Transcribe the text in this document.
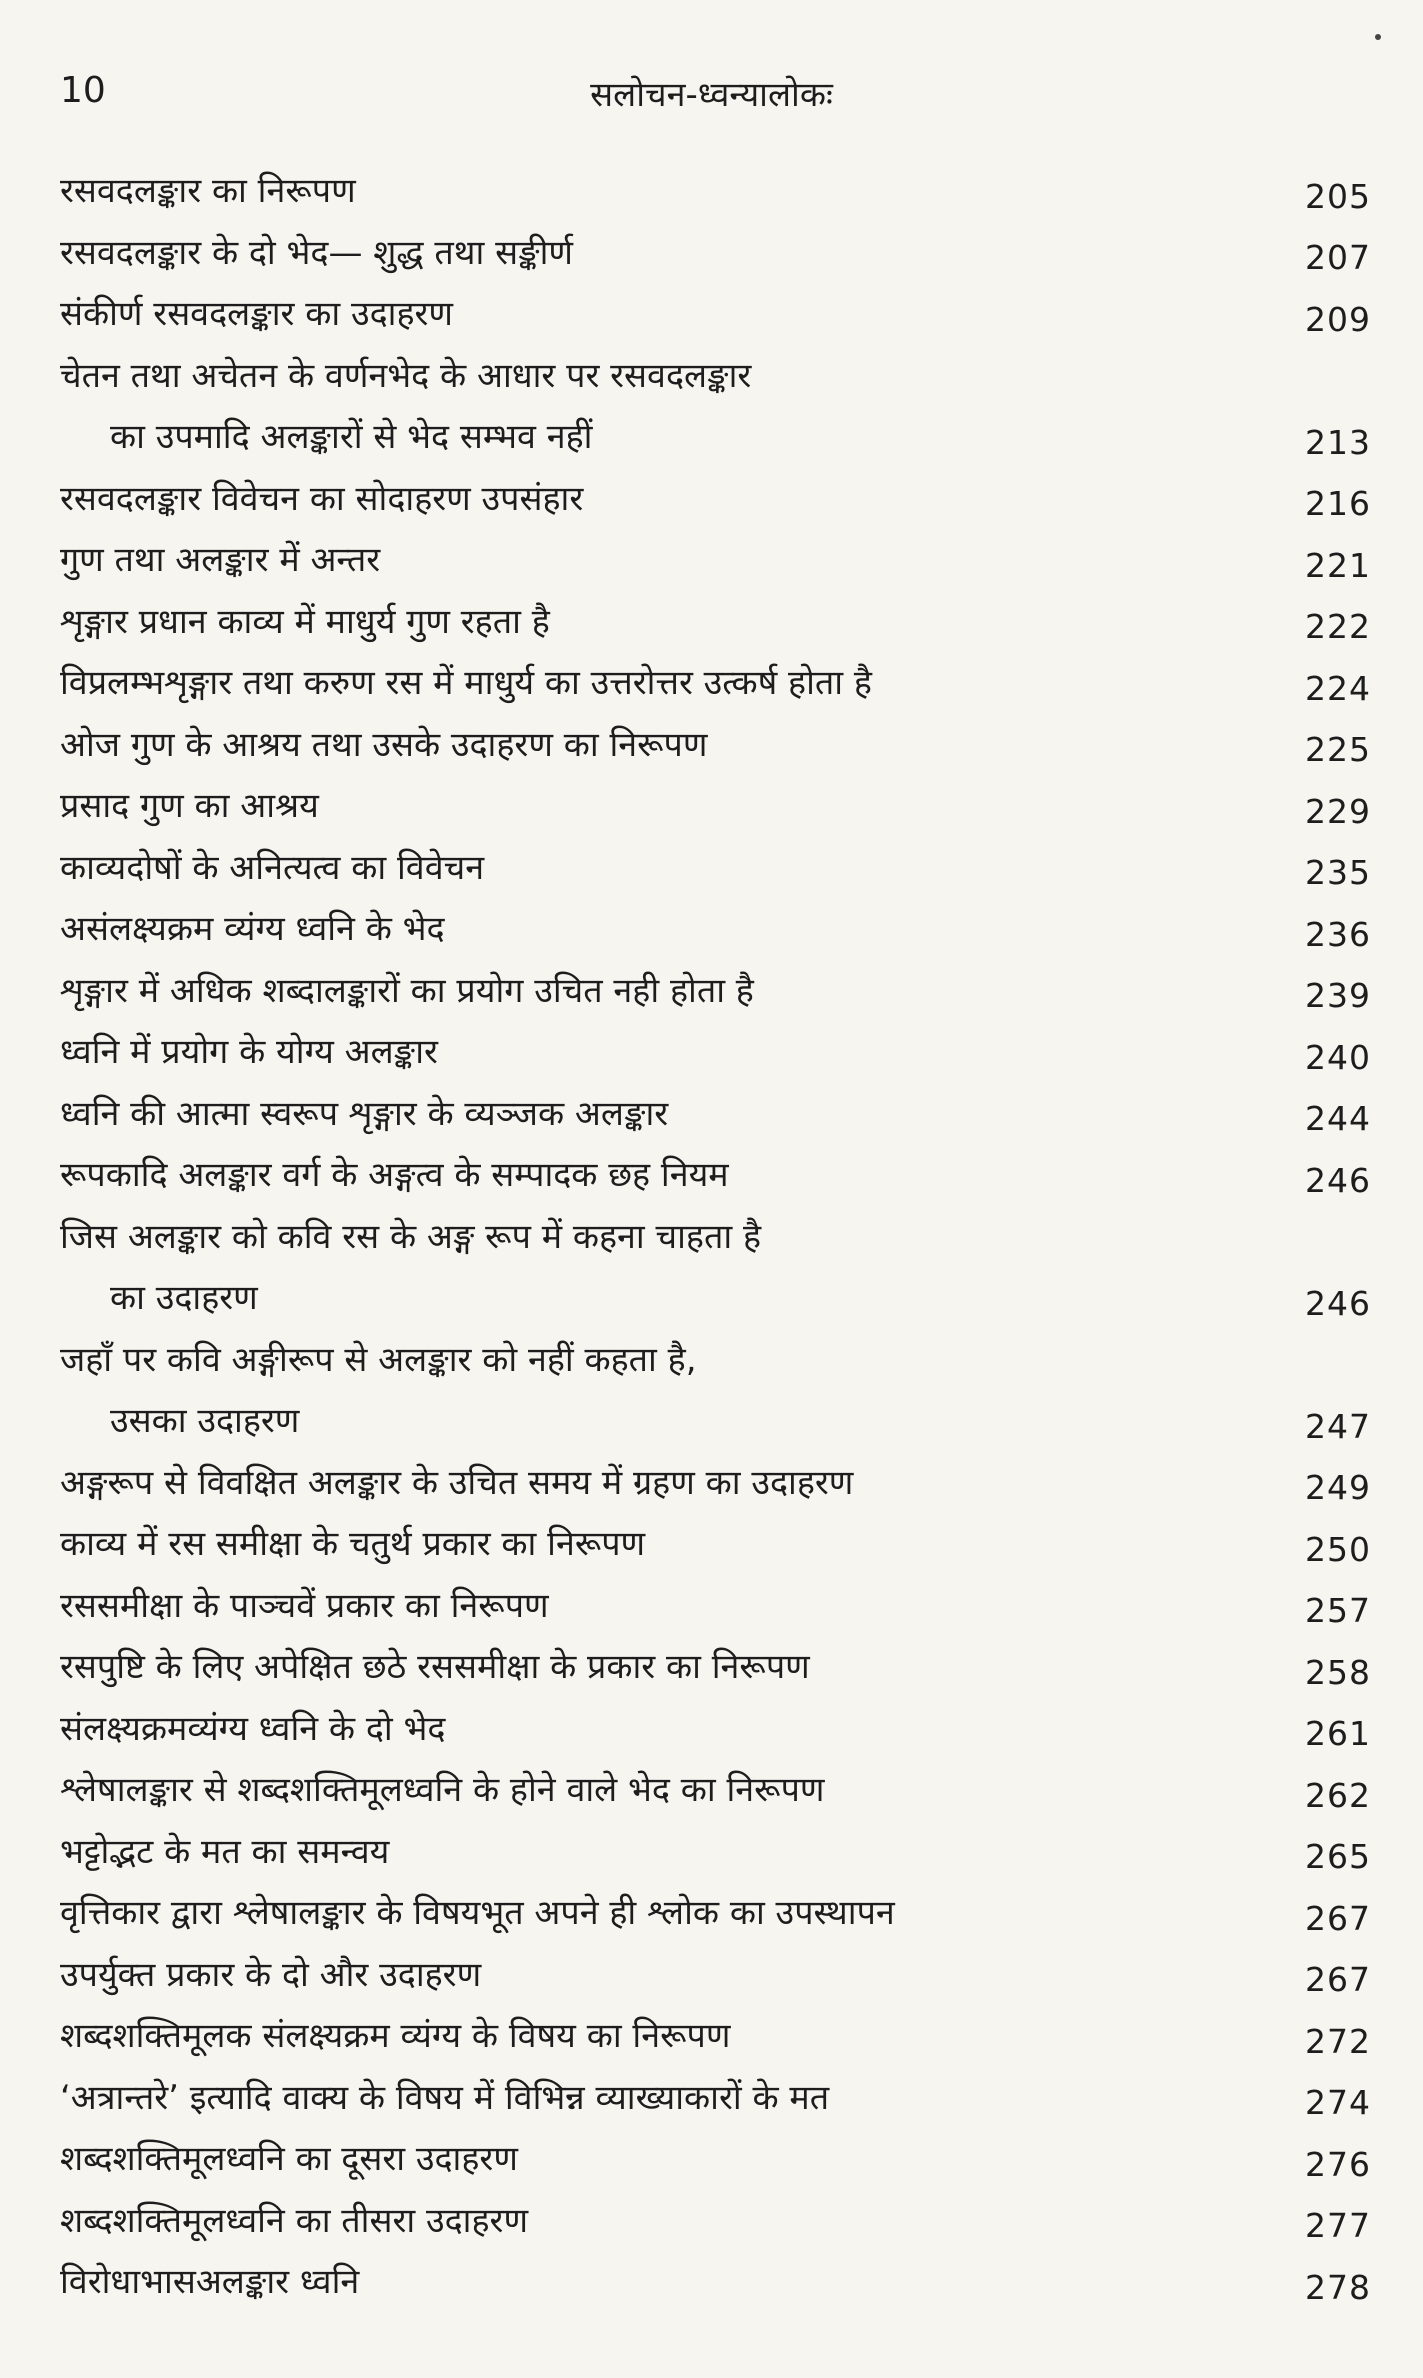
10	सलोचन-ध्वन्यालोकः
रसवदलङ्कार का निरूपण	205
रसवदलङ्कार के दो भेद— शुद्ध तथा सङ्कीर्ण	207
संकीर्ण रसवदलङ्कार का उदाहरण	209
चेतन तथा अचेतन के वर्णनभेद के आधार पर रसवदलङ्कार
का उपमादि अलङ्कारों से भेद सम्भव नहीं	213
रसवदलङ्कार विवेचन का सोदाहरण उपसंहार	216
गुण तथा अलङ्कार में अन्तर	221
शृङ्गार प्रधान काव्य में माधुर्य गुण रहता है	222
विप्रलम्भशृङ्गार तथा करुण रस में माधुर्य का उत्तरोत्तर उत्कर्ष होता है	224
ओज गुण के आश्रय तथा उसके उदाहरण का निरूपण	225
प्रसाद गुण का आश्रय	229
काव्यदोषों के अनित्यत्व का विवेचन	235
असंलक्ष्यक्रम व्यंग्य ध्वनि के भेद	236
शृङ्गार में अधिक शब्दालङ्कारों का प्रयोग उचित नही होता है	239
ध्वनि में प्रयोग के योग्य अलङ्कार	240
ध्वनि की आत्मा स्वरूप शृङ्गार के व्यञ्जक अलङ्कार	244
रूपकादि अलङ्कार वर्ग के अङ्गत्व के सम्पादक छह नियम	246
जिस अलङ्कार को कवि रस के अङ्ग रूप में कहना चाहता है
का उदाहरण	246
जहाँ पर कवि अङ्गीरूप से अलङ्कार को नहीं कहता है,
उसका उदाहरण	247
अङ्गरूप से विवक्षित अलङ्कार के उचित समय में ग्रहण का उदाहरण	249
काव्य में रस समीक्षा के चतुर्थ प्रकार का निरूपण	250
रससमीक्षा के पाञ्चवें प्रकार का निरूपण	257
रसपुष्टि के लिए अपेक्षित छठे रससमीक्षा के प्रकार का निरूपण	258
संलक्ष्यक्रमव्यंग्य ध्वनि के दो भेद	261
श्लेषालङ्कार से शब्दशक्तिमूलध्वनि के होने वाले भेद का निरूपण	262
भट्टोद्भट के मत का समन्वय	265
वृत्तिकार द्वारा श्लेषालङ्कार के विषयभूत अपने ही श्लोक का उपस्थापन	267
उपर्युक्त प्रकार के दो और उदाहरण	267
शब्दशक्तिमूलक संलक्ष्यक्रम व्यंग्य के विषय का निरूपण	272
‘अत्रान्तरे’ इत्यादि वाक्य के विषय में विभिन्न व्याख्याकारों के मत	274
शब्दशक्तिमूलध्वनि का दूसरा उदाहरण	276
शब्दशक्तिमूलध्वनि का तीसरा उदाहरण	277
विरोधाभासअलङ्कार ध्वनि	278
